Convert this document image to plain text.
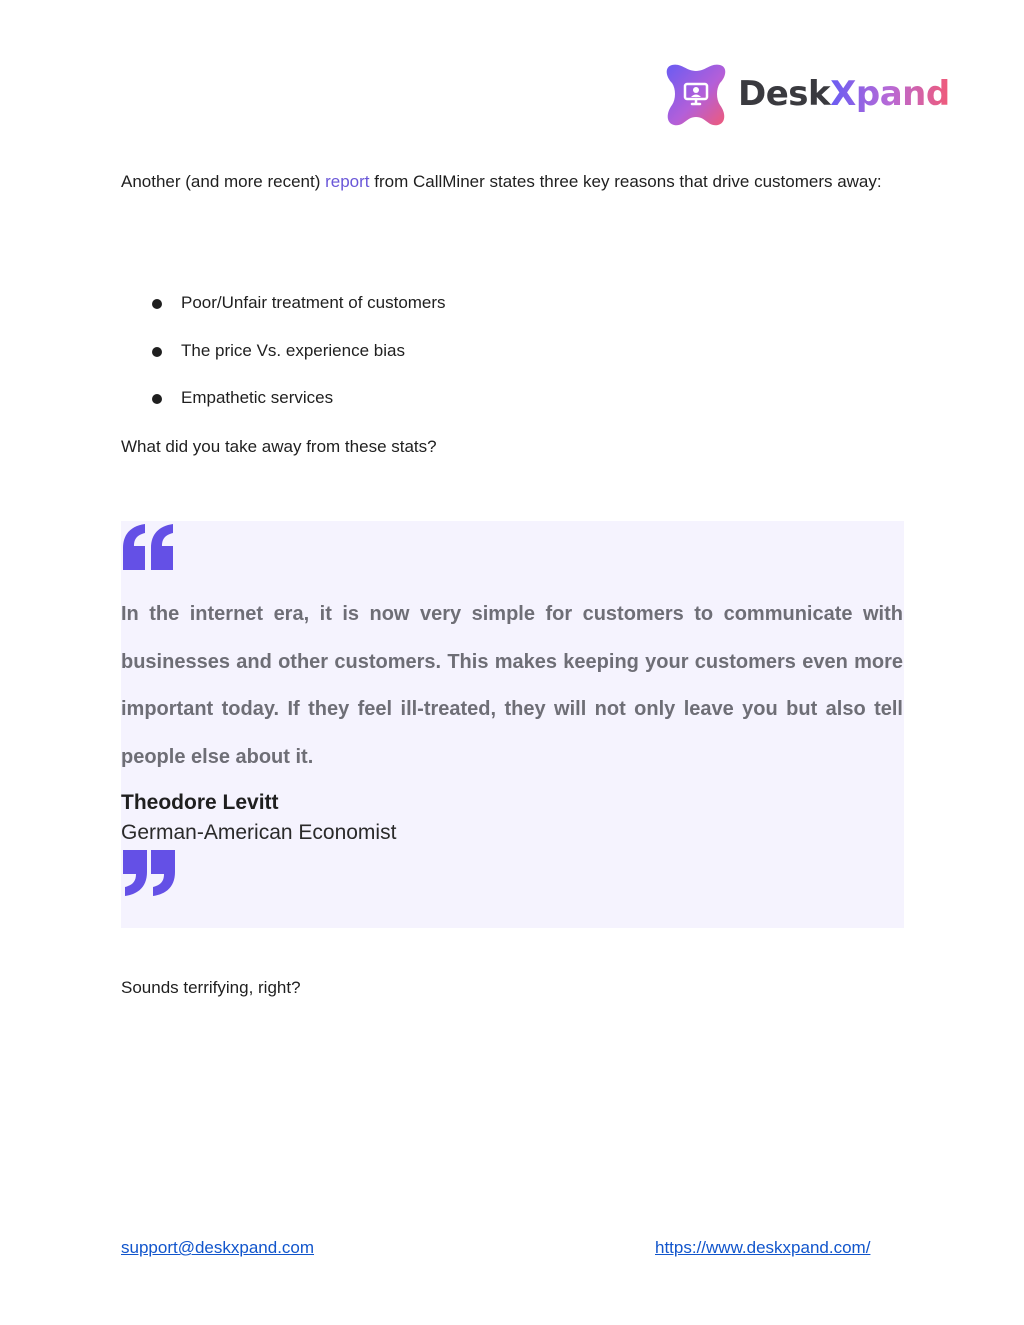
Desk Xpand
Another (and more recent) report from CallMiner states three key reasons that drive customers away:
Poor/Unfair treatment of customers
The price Vs. experience bias
Empathetic services
What did you take away from these stats?
In the internet era, it is now very simple for customers to communicate with businesses and other customers. This makes keeping your customers even more important today. If they feel ill-treated, they will not only leave you but also tell people else about it.
Theodore Levitt
German-American Economist
Sounds terrifying, right?
support@deskxpand.com	https://www.deskxpand.com/
